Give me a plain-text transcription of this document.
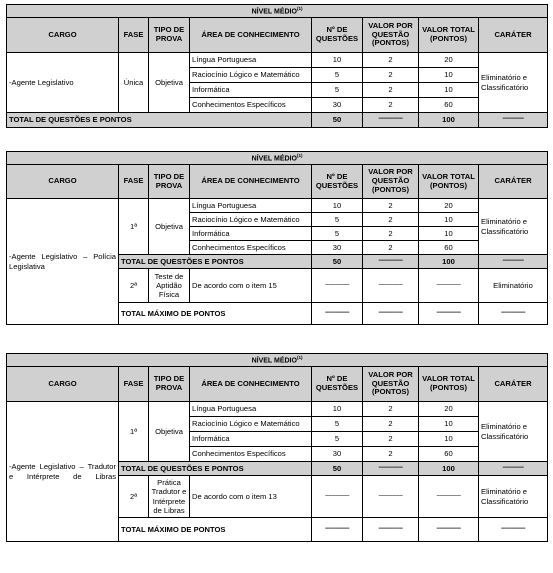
NÍVEL MÉDIO$^{(1)}$
CARGO	FASE	TIPO DE PROVA	ÁREA DE CONHECIMENTO	Nº DE QUESTÕES	VALOR POR QUESTÃO (PONTOS)	VALOR TOTAL (PONTOS)	CARÁTER
-Agente Legislativo	Única	Objetiva	Língua Portuguesa	10	2	20	Eliminatório e Classificatório
			Raciocínio Lógico e Matemático	5	2	10	
			Informática	5	2	10	
			Conhecimentos Específicos	30	2	60	
TOTAL DE QUESTÕES E PONTOS				50	----------------	100	--------------
NÍVEL MÉDIO$^{(1)}$
CARGO	FASE	TIPO DE PROVA	ÁREA DE CONHECIMENTO	Nº DE QUESTÕES	VALOR POR QUESTÃO (PONTOS)	VALOR TOTAL (PONTOS)	CARÁTER
-Agente Legislativo – Polícia Legislativa	1ª	Objetiva	Língua Portuguesa	10	2	20	Eliminatório e Classificatório
			Raciocínio Lógico e Matemático	5	2	10	
			Informática	5	2	10	
			Conhecimentos Específicos	30	2	60	
	TOTAL DE QUESTÕES E PONTOS			50	----------------	100	--------------
	2ª	Teste de Aptidão Física	De acordo com o item 15	----------------	----------------	----------------	Eliminatório
	TOTAL MÁXIMO DE PONTOS			----------------	----------------	----------------	----------------
NÍVEL MÉDIO$^{(1)}$
CARGO	FASE	TIPO DE PROVA	ÁREA DE CONHECIMENTO	Nº DE QUESTÕES	VALOR POR QUESTÃO (PONTOS)	VALOR TOTAL (PONTOS)	CARÁTER
-Agente Legislativo – Tradutor e Intérprete de Libras	1ª	Objetiva	Língua Portuguesa	10	2	20	Eliminatório e Classificatório
			Raciocínio Lógico e Matemático	5	2	10	
			Informática	5	2	10	
			Conhecimentos Específicos	30	2	60	
	TOTAL DE QUESTÕES E PONTOS			50	----------------	100	--------------
	2ª	Prática Tradutor e Intérprete de Libras	De acordo com o item 13	----------------	----------------	----------------	Eliminatório e Classificatório
	TOTAL MÁXIMO DE PONTOS			----------------	----------------	----------------	----------------
